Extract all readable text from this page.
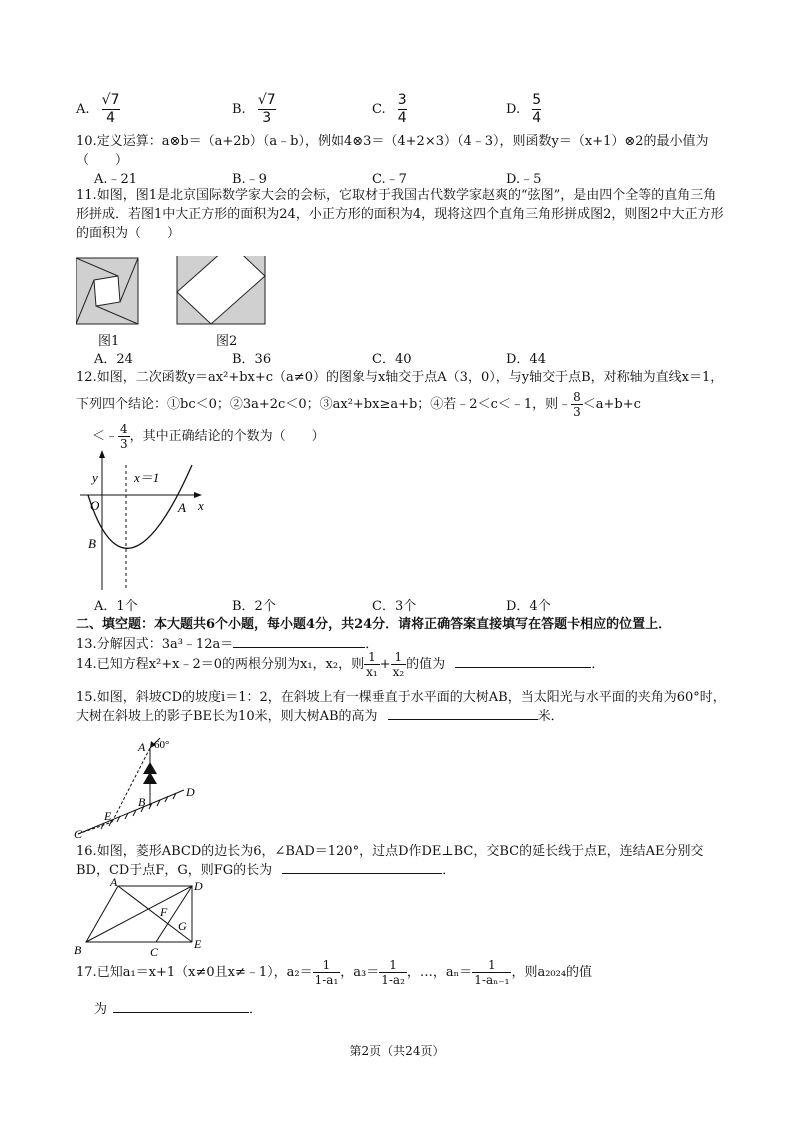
A. $\frac{√7}{4}$	B. $\frac{√7}{3}$	C. $\frac{3}{4}$	D. $\frac{5}{4}$
10.定义运算：a⊗b＝（a+2b）（a﹣b），例如4⊗3＝（4+2×3）（4﹣3），则函数y＝（x+1）⊗2的最小值为（　　）
A.﹣21	B.﹣9	C.﹣7	D.﹣5
11.如图，图1是北京国际数学家大会的会标，它取材于我国古代数学家赵爽的“弦图”，是由四个全等的直角三角形拼成．若图1中大正方形的面积为24，小正方形的面积为4，现将这四个直角三角形拼成图2，则图2中大正方形的面积为（　　）
图1	图2
A．24	B．36	C．40	D．44
12.如图，二次函数y＝ax²+bx+c（a≠0）的图象与x轴交于点A（3，0），与y轴交于点B，对称轴为直线x＝1，下列四个结论：①bc＜0；②3a+2c＜0；③ax²+bx≥a+b；④若﹣2＜c＜﹣1，则﹣ $\frac{8}{3} <a+b+c$
＜﹣ $\frac{4}{3}$ ，其中正确结论的个数为（　　）
y
x
O
x＝1
A
B
A．1个	B．2个	C．3个	D．4个
二、填空题：本大题共6个小题，每小题4分，共24分．请将正确答案直接填写在答题卡相应的位置上．
13.分解因式：3a³﹣12a＝	．
14.已知方程x²+x﹣2＝0的两根分别为x₁，x₂，则 $\frac{1}{\text{x₁}} + \frac{1}{\text{x₂}}$ 的值为	．
15.如图，斜坡CD的坡度i＝1：2，在斜坡上有一棵垂直于水平面的大树AB，当太阳光与水平面的夹角为60°时，大树在斜坡上的影子BE长为10米，则大树AB的高为	米．
A 60°
B
C
D
E
16.如图，菱形ABCD的边长为6，∠BAD＝120°，过点D作DE⊥BC，交BC的延长线于点E，连结AE分别交BD，CD于点F，G，则FG的长为	．
A
B	C
D
E
F
G
17.已知a₁＝x+1（x≠0且x≠﹣1），$a_2= \frac{1}{\text{1-a₁}}$ ，$a_3= \frac{1}{\text{1-a₂}}$ ，…，$a_n= \frac{1}{\text{1-aₙ₋₁}}$ ，则a₂₀₂₄的值
为	．
第2页（共24页）
